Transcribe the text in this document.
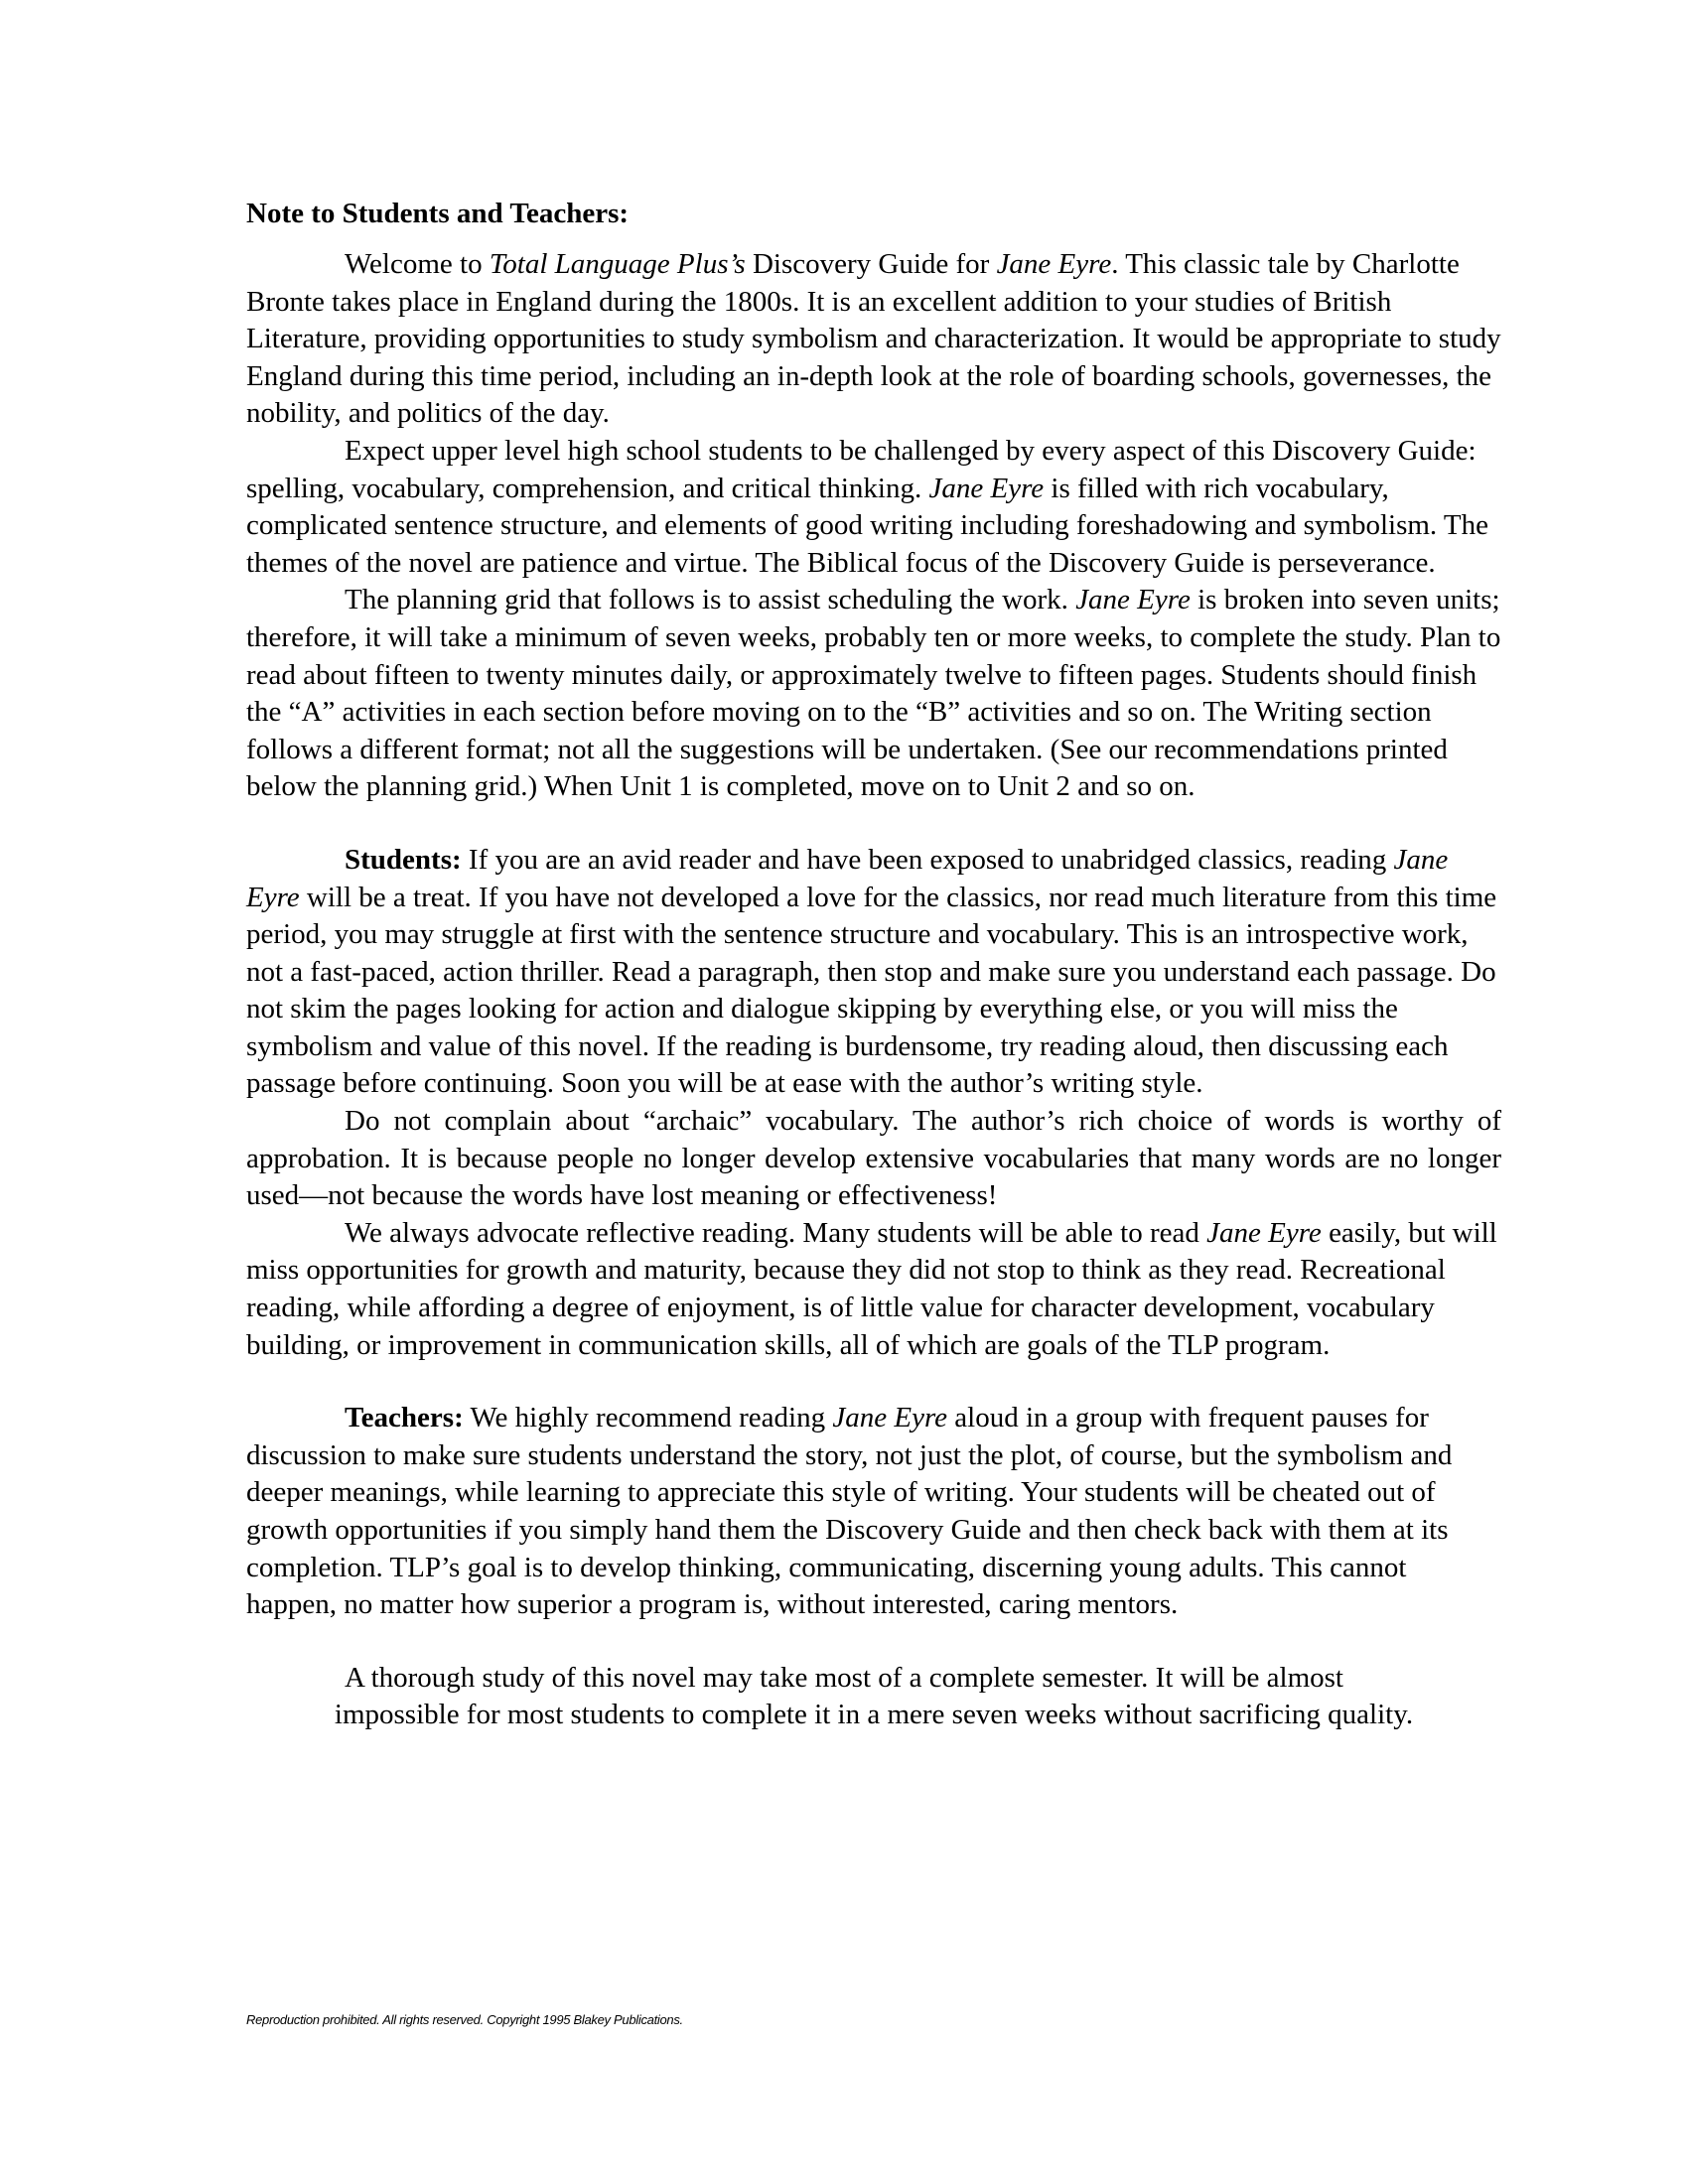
Note to Students and Teachers:

Welcome to Total Language Plus’s Discovery Guide for Jane Eyre. This classic tale by Charlotte Bronte takes place in England during the 1800s. It is an excellent addition to your studies of British Literature, providing opportunities to study symbolism and characterization. It would be appropriate to study England during this time period, including an in-depth look at the role of boarding schools, governesses, the nobility, and politics of the day.

Expect upper level high school students to be challenged by every aspect of this Discovery Guide: spelling, vocabulary, comprehension, and critical thinking. Jane Eyre is filled with rich vocabulary, complicated sentence structure, and elements of good writing including foreshadowing and symbolism. The themes of the novel are patience and virtue. The Biblical focus of the Discovery Guide is perseverance.

The planning grid that follows is to assist scheduling the work. Jane Eyre is broken into seven units; therefore, it will take a minimum of seven weeks, probably ten or more weeks, to complete the study. Plan to read about fifteen to twenty minutes daily, or approximately twelve to fifteen pages. Students should finish the “A” activities in each section before moving on to the “B” activities and so on. The Writing section follows a different format; not all the suggestions will be undertaken. (See our recommendations printed below the planning grid.) When Unit 1 is completed, move on to Unit 2 and so on.

Students: If you are an avid reader and have been exposed to unabridged classics, reading Jane Eyre will be a treat. If you have not developed a love for the classics, nor read much literature from this time period, you may struggle at first with the sentence structure and vocabulary. This is an introspective work, not a fast-paced, action thriller. Read a paragraph, then stop and make sure you understand each passage. Do not skim the pages looking for action and dialogue skipping by everything else, or you will miss the symbolism and value of this novel. If the reading is burdensome, try reading aloud, then discussing each passage before continuing. Soon you will be at ease with the author’s writing style.

Do not complain about “archaic” vocabulary. The author’s rich choice of words is worthy of approbation. It is because people no longer develop extensive vocabularies that many words are no longer used—not because the words have lost meaning or effectiveness!

We always advocate reflective reading. Many students will be able to read Jane Eyre easily, but will miss opportunities for growth and maturity, because they did not stop to think as they read. Recreational reading, while affording a degree of enjoyment, is of little value for character development, vocabulary building, or improvement in communication skills, all of which are goals of the TLP program.

Teachers: We highly recommend reading Jane Eyre aloud in a group with frequent pauses for discussion to make sure students understand the story, not just the plot, of course, but the symbolism and deeper meanings, while learning to appreciate this style of writing. Your students will be cheated out of growth opportunities if you simply hand them the Discovery Guide and then check back with them at its completion. TLP’s goal is to develop thinking, communicating, discerning young adults. This cannot happen, no matter how superior a program is, without interested, caring mentors.

A thorough study of this novel may take most of a complete semester. It will be almost
impossible for most students to complete it in a mere seven weeks without sacrificing quality.

Reproduction prohibited. All rights reserved. Copyright 1995 Blakey Publications.
